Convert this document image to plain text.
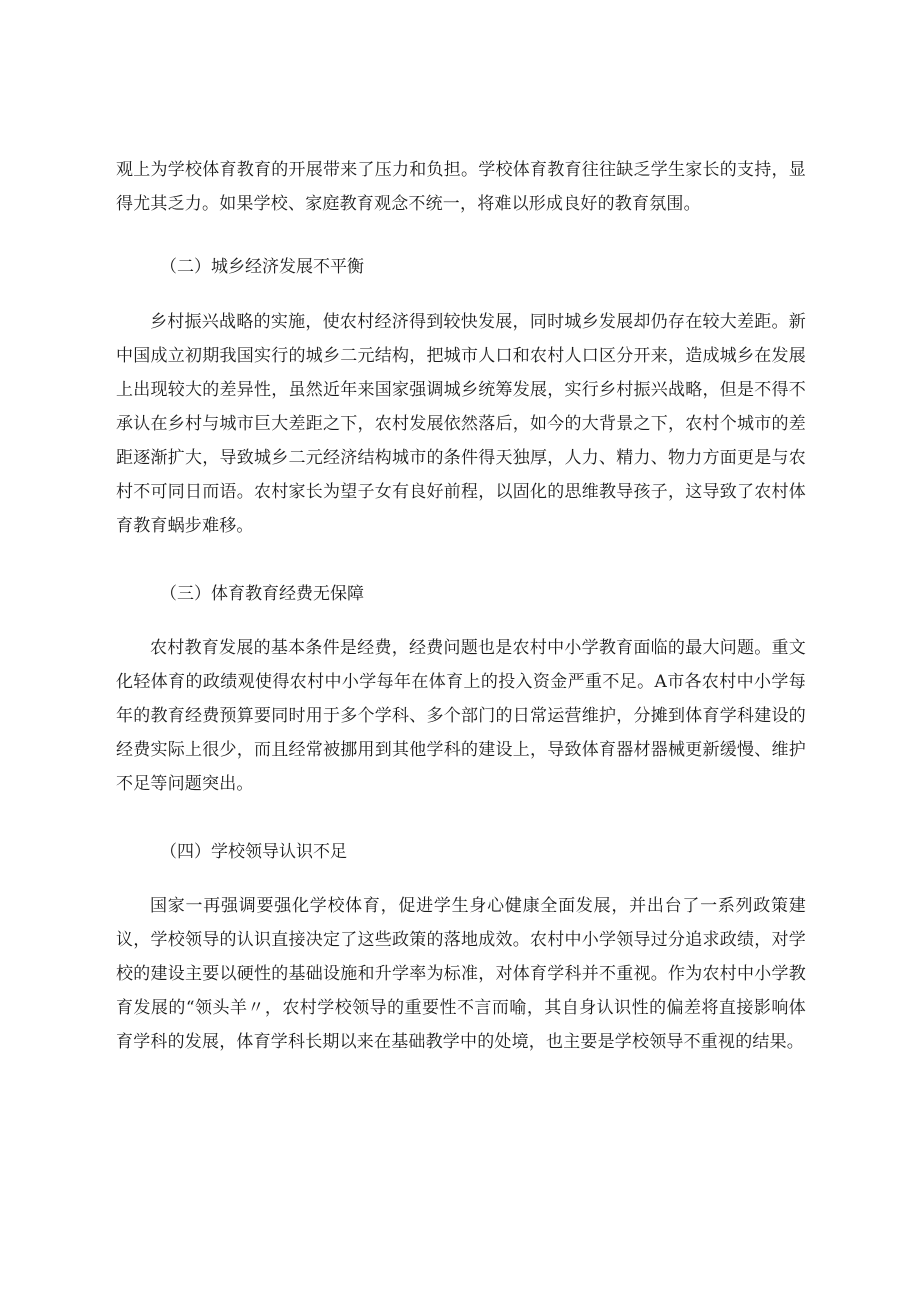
观上为学校体育教育的开展带来了压力和负担。学校体育教育往往缺乏学生家长的支持，显得尤其乏力。如果学校、家庭教育观念不统一，将难以形成良好的教育氛围。

（二）城乡经济发展不平衡

乡村振兴战略的实施，使农村经济得到较快发展，同时城乡发展却仍存在较大差距。新中国成立初期我国实行的城乡二元结构，把城市人口和农村人口区分开来，造成城乡在发展上出现较大的差异性，虽然近年来国家强调城乡统筹发展，实行乡村振兴战略，但是不得不承认在乡村与城市巨大差距之下，农村发展依然落后，如今的大背景之下，农村个城市的差距逐渐扩大，导致城乡二元经济结构城市的条件得天独厚，人力、精力、物力方面更是与农村不可同日而语。农村家长为望子女有良好前程，以固化的思维教导孩子，这导致了农村体育教育蜗步难移。

（三）体育教育经费无保障

农村教育发展的基本条件是经费，经费问题也是农村中小学教育面临的最大问题。重文化轻体育的政绩观使得农村中小学每年在体育上的投入资金严重不足。A市各农村中小学每年的教育经费预算要同时用于多个学科、多个部门的日常运营维护，分摊到体育学科建设的经费实际上很少，而且经常被挪用到其他学科的建设上，导致体育器材器械更新缓慢、维护不足等问题突出。

（四）学校领导认识不足

国家一再强调要强化学校体育，促进学生身心健康全面发展，并出台了一系列政策建议，学校领导的认识直接决定了这些政策的落地成效。农村中小学领导过分追求政绩，对学校的建设主要以硬性的基础设施和升学率为标准，对体育学科并不重视。作为农村中小学教育发展的“领头羊〃，农村学校领导的重要性不言而喻，其自身认识性的偏差将直接影响体育学科的发展，体育学科长期以来在基础教学中的处境，也主要是学校领导不重视的结果。
